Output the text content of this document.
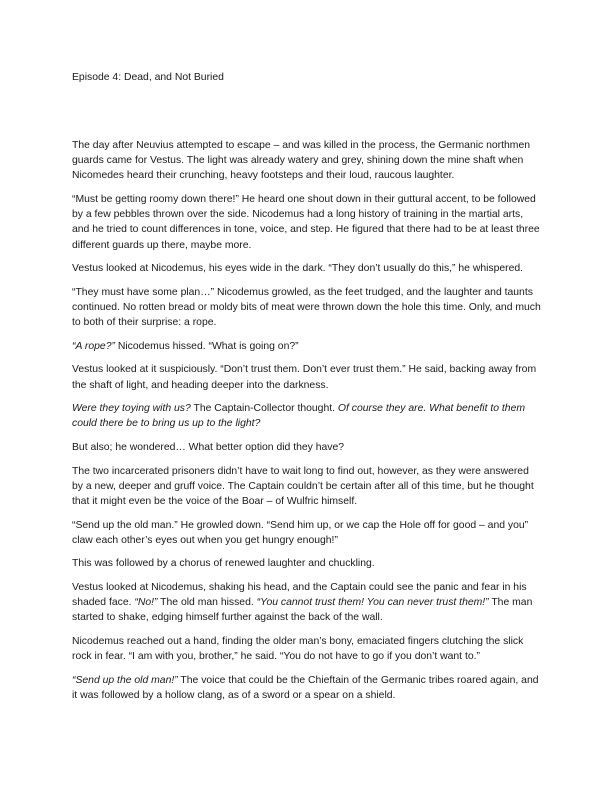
Episode 4: Dead, and Not Buried

The day after Neuvius attempted to escape – and was killed in the process, the Germanic northmen guards came for Vestus. The light was already watery and grey, shining down the mine shaft when Nicomedes heard their crunching, heavy footsteps and their loud, raucous laughter.

“Must be getting roomy down there!” He heard one shout down in their guttural accent, to be followed by a few pebbles thrown over the side. Nicodemus had a long history of training in the martial arts, and he tried to count differences in tone, voice, and step. He figured that there had to be at least three different guards up there, maybe more.

Vestus looked at Nicodemus, his eyes wide in the dark. “They don’t usually do this,” he whispered.

“They must have some plan…” Nicodemus growled, as the feet trudged, and the laughter and taunts continued. No rotten bread or moldy bits of meat were thrown down the hole this time. Only, and much to both of their surprise: a rope.

“A rope?” Nicodemus hissed. “What is going on?”

Vestus looked at it suspiciously. “Don’t trust them. Don’t ever trust them.” He said, backing away from the shaft of light, and heading deeper into the darkness.

Were they toying with us? The Captain-Collector thought. Of course they are. What benefit to them could there be to bring us up to the light?

But also; he wondered… What better option did they have?

The two incarcerated prisoners didn’t have to wait long to find out, however, as they were answered by a new, deeper and gruff voice. The Captain couldn’t be certain after all of this time, but he thought that it might even be the voice of the Boar – of Wulfric himself.

“Send up the old man.” He growled down. “Send him up, or we cap the Hole off for good – and you” claw each other’s eyes out when you get hungry enough!”

This was followed by a chorus of renewed laughter and chuckling.

Vestus looked at Nicodemus, shaking his head, and the Captain could see the panic and fear in his shaded face. “No!” The old man hissed. “You cannot trust them! You can never trust them!” The man started to shake, edging himself further against the back of the wall.

Nicodemus reached out a hand, finding the older man’s bony, emaciated fingers clutching the slick rock in fear. “I am with you, brother,” he said. “You do not have to go if you don’t want to.”

“Send up the old man!” The voice that could be the Chieftain of the Germanic tribes roared again, and it was followed by a hollow clang, as of a sword or a spear on a shield.
